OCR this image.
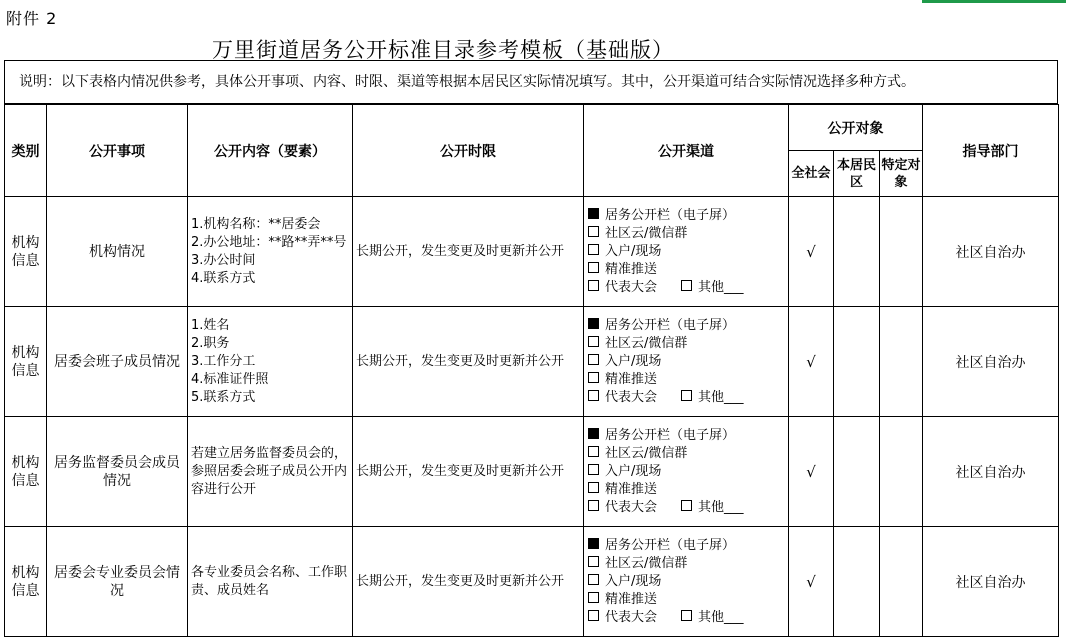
附件 2
万里街道居务公开标准目录参考模板（基础版）
说明：以下表格内情况供参考，具体公开事项、内容、时限、渠道等根据本居民区实际情况填写。其中，公开渠道可结合实际情况选择多种方式。
类别	公开事项	公开内容（要素）	公开时限	公开渠道	公开对象			指导部门
					全社会	本居民区	特定对象	
机构信息	机构情况	1.机构名称：**居委会
2.办公地址：**路**弄**号
3.办公时间
4.联系方式	长期公开，发生变更及时更新并公开	居务公开栏（电子屏）
社区云/微信群
入户/现场
精准推送
代表大会 其他___	√			社区自治办
机构信息	居委会班子成员情况	1.姓名
2.职务
3.工作分工
4.标准证件照
5.联系方式	长期公开，发生变更及时更新并公开	居务公开栏（电子屏）
社区云/微信群
入户/现场
精准推送
代表大会 其他___	√			社区自治办
机构信息	居务监督委员会成员情况	若建立居务监督委员会的，参照居委会班子成员公开内容进行公开	长期公开，发生变更及时更新并公开	居务公开栏（电子屏）
社区云/微信群
入户/现场
精准推送
代表大会 其他___	√			社区自治办
机构信息	居委会专业委员会情况	各专业委员会名称、工作职责、成员姓名	长期公开，发生变更及时更新并公开	居务公开栏（电子屏）
社区云/微信群
入户/现场
精准推送
代表大会 其他___	√			社区自治办
